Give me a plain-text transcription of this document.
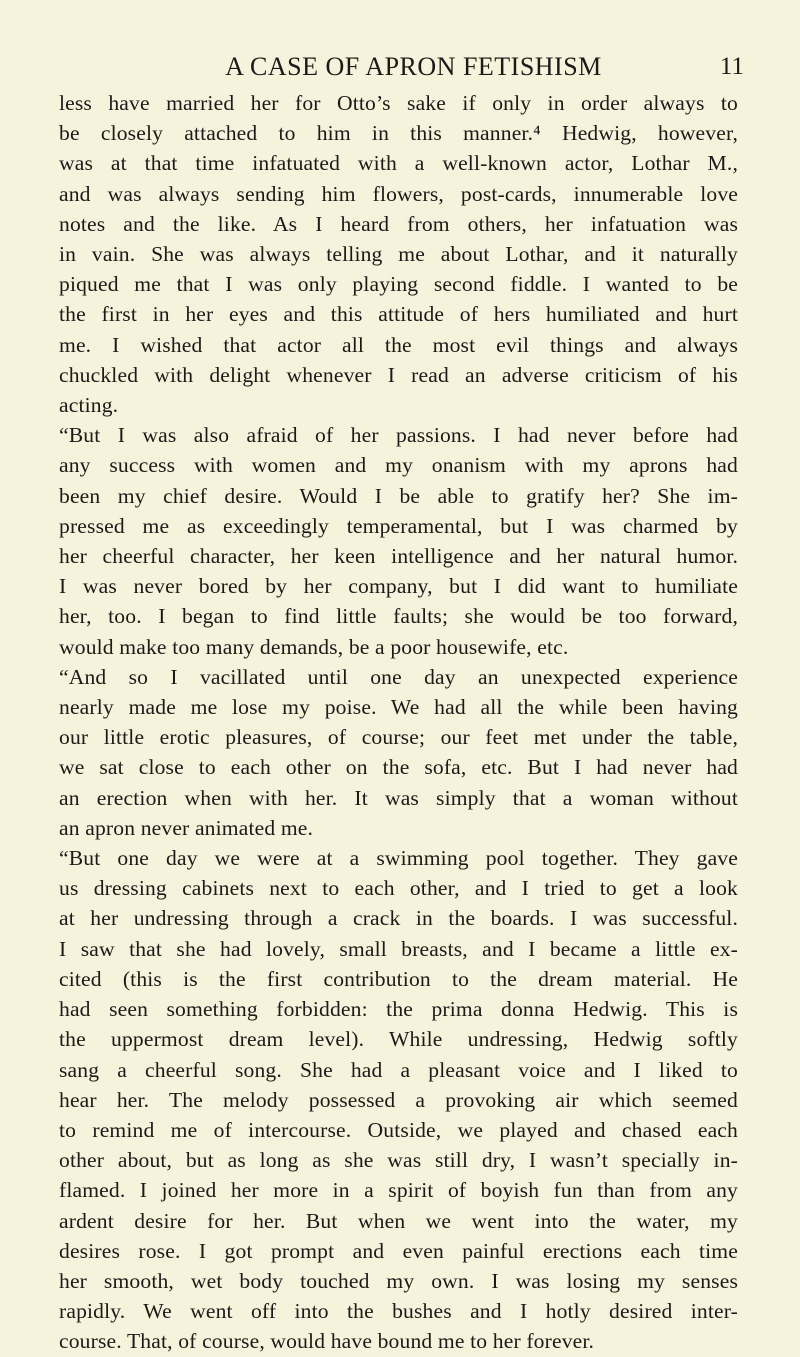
A CASE OF APRON FETISHISM	11
less have married her for Otto’s sake if only in order always to
be closely attached to him in this manner.⁴ Hedwig, however,
was at that time infatuated with a well-known actor, Lothar M.,
and was always sending him flowers, post-cards, innumerable love
notes and the like. As I heard from others, her infatuation was
in vain. She was always telling me about Lothar, and it naturally
piqued me that I was only playing second fiddle. I wanted to be
the first in her eyes and this attitude of hers humiliated and hurt
me. I wished that actor all the most evil things and always
chuckled with delight whenever I read an adverse criticism of his
acting.
“But I was also afraid of her passions. I had never before had
any success with women and my onanism with my aprons had
been my chief desire. Would I be able to gratify her? She im-
pressed me as exceedingly temperamental, but I was charmed by
her cheerful character, her keen intelligence and her natural humor.
I was never bored by her company, but I did want to humiliate
her, too. I began to find little faults; she would be too forward,
would make too many demands, be a poor housewife, etc.
“And so I vacillated until one day an unexpected experience
nearly made me lose my poise. We had all the while been having
our little erotic pleasures, of course; our feet met under the table,
we sat close to each other on the sofa, etc. But I had never had
an erection when with her. It was simply that a woman without
an apron never animated me.
“But one day we were at a swimming pool together. They gave
us dressing cabinets next to each other, and I tried to get a look
at her undressing through a crack in the boards. I was successful.
I saw that she had lovely, small breasts, and I became a little ex-
cited (this is the first contribution to the dream material. He
had seen something forbidden: the prima donna Hedwig. This is
the uppermost dream level). While undressing, Hedwig softly
sang a cheerful song. She had a pleasant voice and I liked to
hear her. The melody possessed a provoking air which seemed
to remind me of intercourse. Outside, we played and chased each
other about, but as long as she was still dry, I wasn’t specially in-
flamed. I joined her more in a spirit of boyish fun than from any
ardent desire for her. But when we went into the water, my
desires rose. I got prompt and even painful erections each time
her smooth, wet body touched my own. I was losing my senses
rapidly. We went off into the bushes and I hotly desired inter-
course. That, of course, would have bound me to her forever.
